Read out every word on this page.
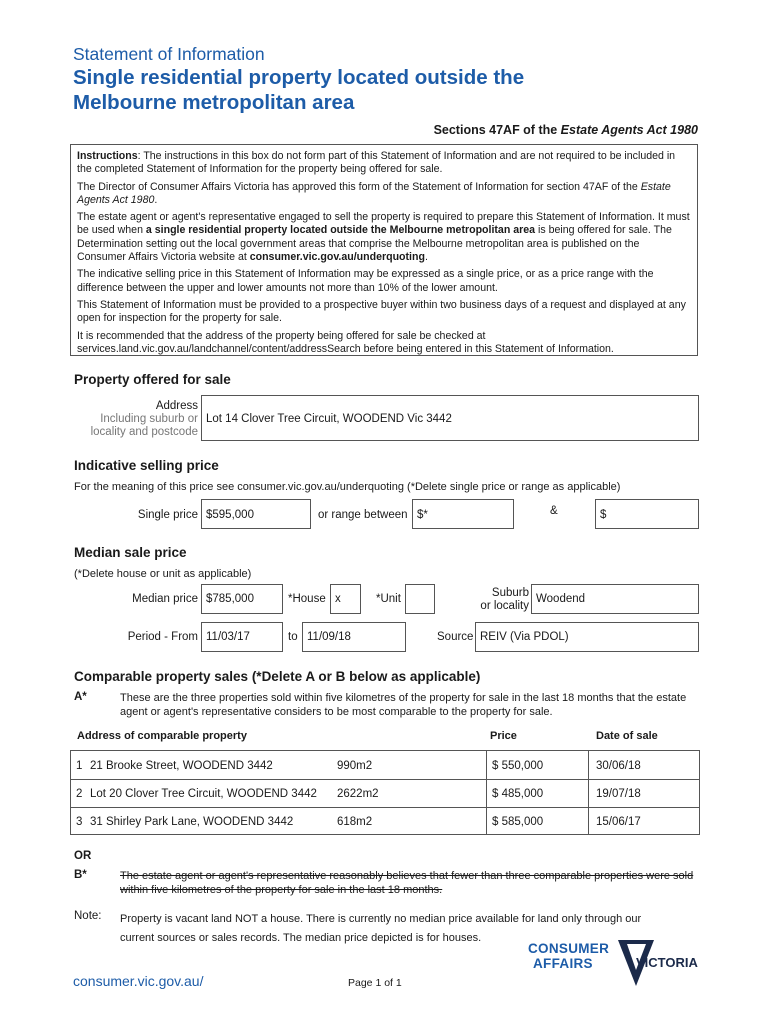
Statement of Information
Single residential property located outside the
Melbourne metropolitan area
Sections 47AF of the Estate Agents Act 1980

Instructions: The instructions in this box do not form part of this Statement of Information and are not required to be included in the completed Statement of Information for the property being offered for sale.

The Director of Consumer Affairs Victoria has approved this form of the Statement of Information for section 47AF of the Estate Agents Act 1980.

The estate agent or agent's representative engaged to sell the property is required to prepare this Statement of Information. It must be used when a single residential property located outside the Melbourne metropolitan area is being offered for sale. The Determination setting out the local government areas that comprise the Melbourne metropolitan area is published on the Consumer Affairs Victoria website at consumer.vic.gov.au/underquoting.

The indicative selling price in this Statement of Information may be expressed as a single price, or as a price range with the difference between the upper and lower amounts not more than 10% of the lower amount.

This Statement of Information must be provided to a prospective buyer within two business days of a request and displayed at any open for inspection for the property for sale.

It is recommended that the address of the property being offered for sale be checked at services.land.vic.gov.au/landchannel/content/addressSearch before being entered in this Statement of Information.

Property offered for sale
Address
Including suburb or
locality and postcode
Lot 14 Clover Tree Circuit, WOODEND Vic 3442
Indicative selling price
For the meaning of this price see consumer.vic.gov.au/underquoting (*Delete single price or range as applicable)
Single price $595,000	or range between $*	&	$
Median sale price
(*Delete house or unit as applicable)
Median price $785,000	*House x	*Unit	Suburb
or locality
Woodend
Period - From 11/03/17	to 11/09/18	Source REIV (Via PDOL)
Comparable property sales (*Delete A or B below as applicable)
A*	These are the three properties sold within five kilometres of the property for sale in the last 18 months that the estate agent or agent's representative considers to be most comparable to the property for sale.
Address of comparable property	Price	Date of sale
1 21 Brooke Street, WOODEND 3442	990m2	$ 550,000	30/06/18
2 Lot 20 Clover Tree Circuit, WOODEND 3442 2622m2	$ 485,000	19/07/18
3 31 Shirley Park Lane, WOODEND 3442	618m2	$ 585,000	15/06/17
OR
B*	The estate agent or agent's representative reasonably believes that fewer than three comparable properties were sold within five kilometres of the property for sale in the last 18 months.
Note: Property is vacant land NOT a house. There is currently no median price available for land only through our
current sources or sales records. The median price depicted is for houses.
consumer.vic.gov.au/	Page 1 of 1
CONSUMER
AFFAIRS	VICTORIA
